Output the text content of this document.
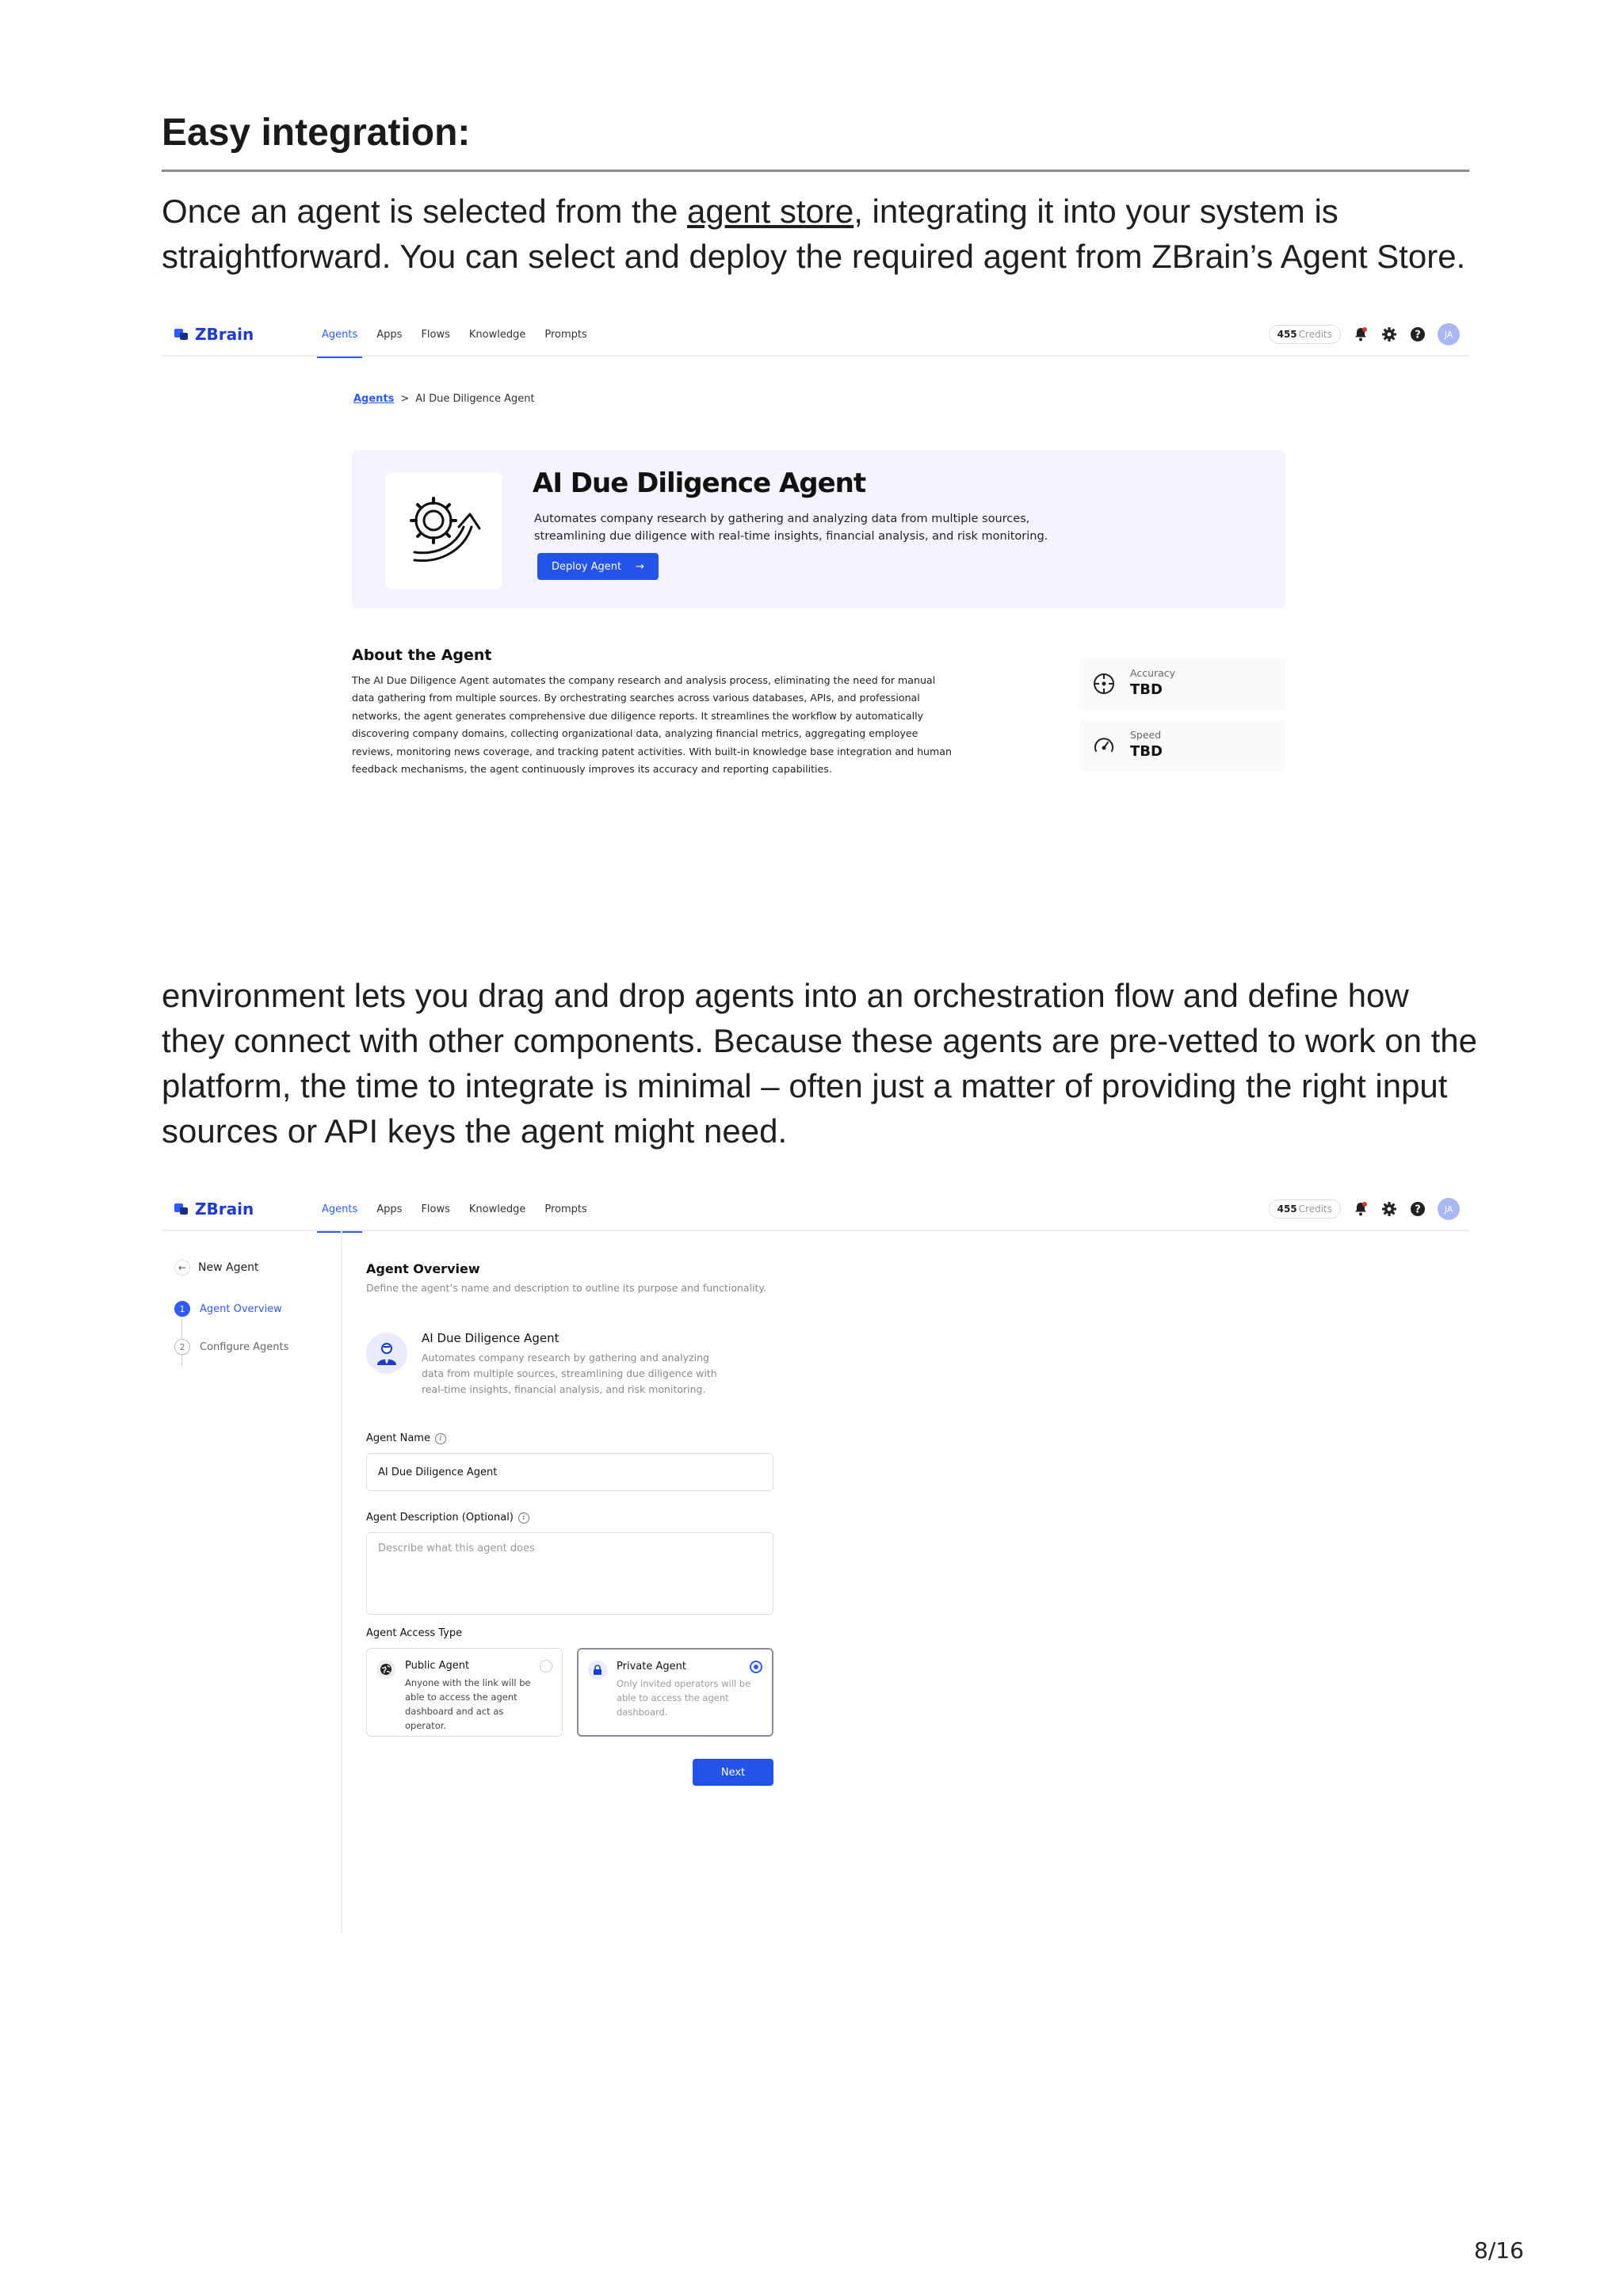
Easy integration:

Once an agent is selected from the agent store, integrating it into your system is straightforward. You can select and deploy the required agent from ZBrain’s Agent Store.

ZBrain	Agents	Apps	Flows	Knowledge	Prompts	455 Credits	?	JA
Agents > AI Due Diligence Agent
AI Due Diligence Agent
Automates company research by gathering and analyzing data from multiple sources, streamlining due diligence with real-time insights, financial analysis, and risk monitoring.
Deploy Agent →
About the Agent
The AI Due Diligence Agent automates the company research and analysis process, eliminating the need for manual data gathering from multiple sources. By orchestrating searches across various databases, APIs, and professional networks, the agent generates comprehensive due diligence reports. It streamlines the workflow by automatically discovering company domains, collecting organizational data, analyzing financial metrics, aggregating employee reviews, monitoring news coverage, and tracking patent activities. With built-in knowledge base integration and human feedback mechanisms, the agent continuously improves its accuracy and reporting capabilities.
Accuracy
TBD
Speed
TBD

environment lets you drag and drop agents into an orchestration flow and define how they connect with other components. Because these agents are pre-vetted to work on the platform, the time to integrate is minimal – often just a matter of providing the right input sources or API keys the agent might need.

ZBrain	Agents	Apps	Flows	Knowledge	Prompts	455 Credits	?	JA
←	New Agent
1	Agent Overview
2	Configure Agents
Agent Overview
Define the agent’s name and description to outline its purpose and functionality.
AI Due Diligence Agent
Automates company research by gathering and analyzing data from multiple sources, streamlining due diligence with real-time insights, financial analysis, and risk monitoring.
Agent Name	i
AI Due Diligence Agent
Agent Description (Optional)	i
Describe what this agent does
Agent Access Type
Public Agent
Anyone with the link will be able to access the agent dashboard and act as operator.
Private Agent
Only invited operators will be able to access the agent dashboard.
Next
8/16
